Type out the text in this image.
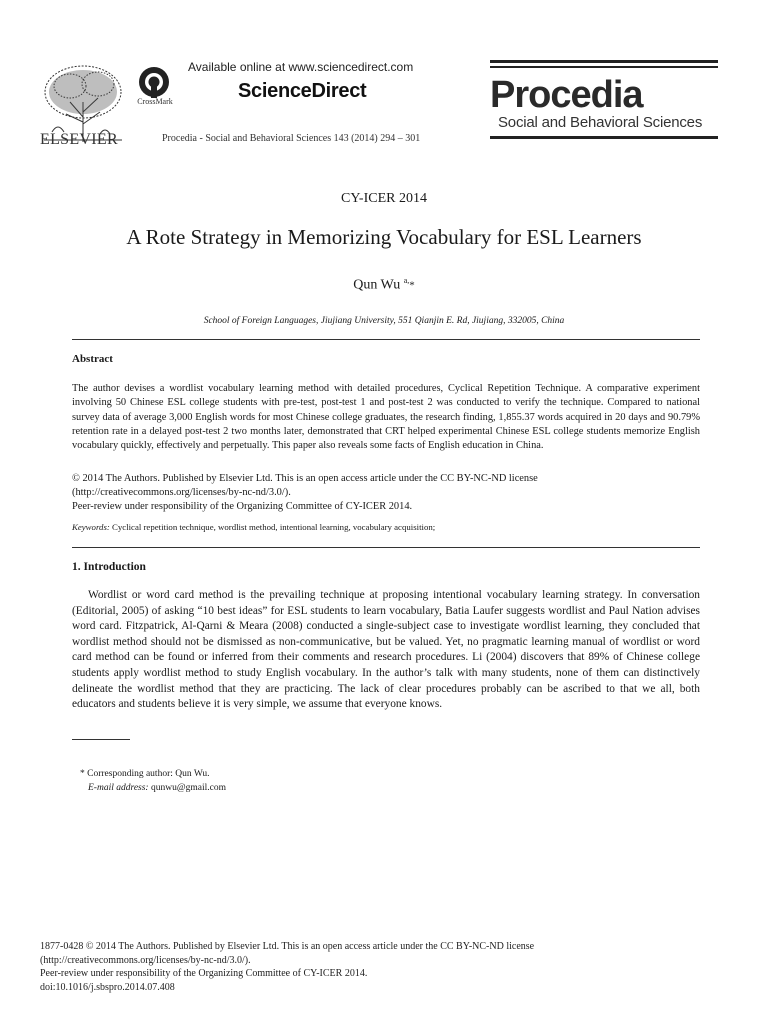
ELSEVIER
CrossMark
Available online at www.sciencedirect.com
ScienceDirect
Procedia - Social and Behavioral Sciences 143 (2014) 294 – 301
Procedia
Social and Behavioral Sciences
CY-ICER 2014
A Rote Strategy in Memorizing Vocabulary for ESL Learners
Qun Wu $^{a,}$*
School of Foreign Languages, Jiujiang University, 551 Qianjin E. Rd, Jiujiang, 332005, China
Abstract
The author devises a wordlist vocabulary learning method with detailed procedures, Cyclical Repetition Technique. A comparative experiment involving 50 Chinese ESL college students with pre-test, post-test 1 and post-test 2 was conducted to verify the technique. Compared to national survey data of average 3,000 English words for most Chinese college graduates, the research finding, 1,855.37 words acquired in 20 days and 90.79% retention rate in a delayed post-test 2 two months later, demonstrated that CRT helped experimental Chinese ESL college students memorize English vocabulary quickly, effectively and perpetually. This paper also reveals some facts of English education in China.
© 2014 The Authors. Published by Elsevier Ltd. This is an open access article under the CC BY-NC-ND license
(http://creativecommons.org/licenses/by-nc-nd/3.0/).
Peer-review under responsibility of the Organizing Committee of CY-ICER 2014.
Keywords: Cyclical repetition technique, wordlist method, intentional learning, vocabulary acquisition;
1. Introduction
Wordlist or word card method is the prevailing technique at proposing intentional vocabulary learning strategy. In conversation (Editorial, 2005) of asking “10 best ideas” for ESL students to learn vocabulary, Batia Laufer suggests wordlist and Paul Nation advises word card. Fitzpatrick, Al-Qarni & Meara (2008) conducted a single-subject case to investigate wordlist learning, they concluded that wordlist method should not be dismissed as non-communicative, but be valued. Yet, no pragmatic learning manual of wordlist or word card method can be found or inferred from their comments and research procedures. Li (2004) discovers that 89% of Chinese college students apply wordlist method to study English vocabulary. In the author’s talk with many students, none of them can distinctively delineate the wordlist method that they are practicing. The lack of clear procedures probably can be ascribed to that we all, both educators and students believe it is very simple, we assume that everyone knows.
* Corresponding author: Qun Wu.
E-mail address: qunwu@gmail.com
1877-0428 © 2014 The Authors. Published by Elsevier Ltd. This is an open access article under the CC BY-NC-ND license
(http://creativecommons.org/licenses/by-nc-nd/3.0/).
Peer-review under responsibility of the Organizing Committee of CY-ICER 2014.
doi:10.1016/j.sbspro.2014.07.408
